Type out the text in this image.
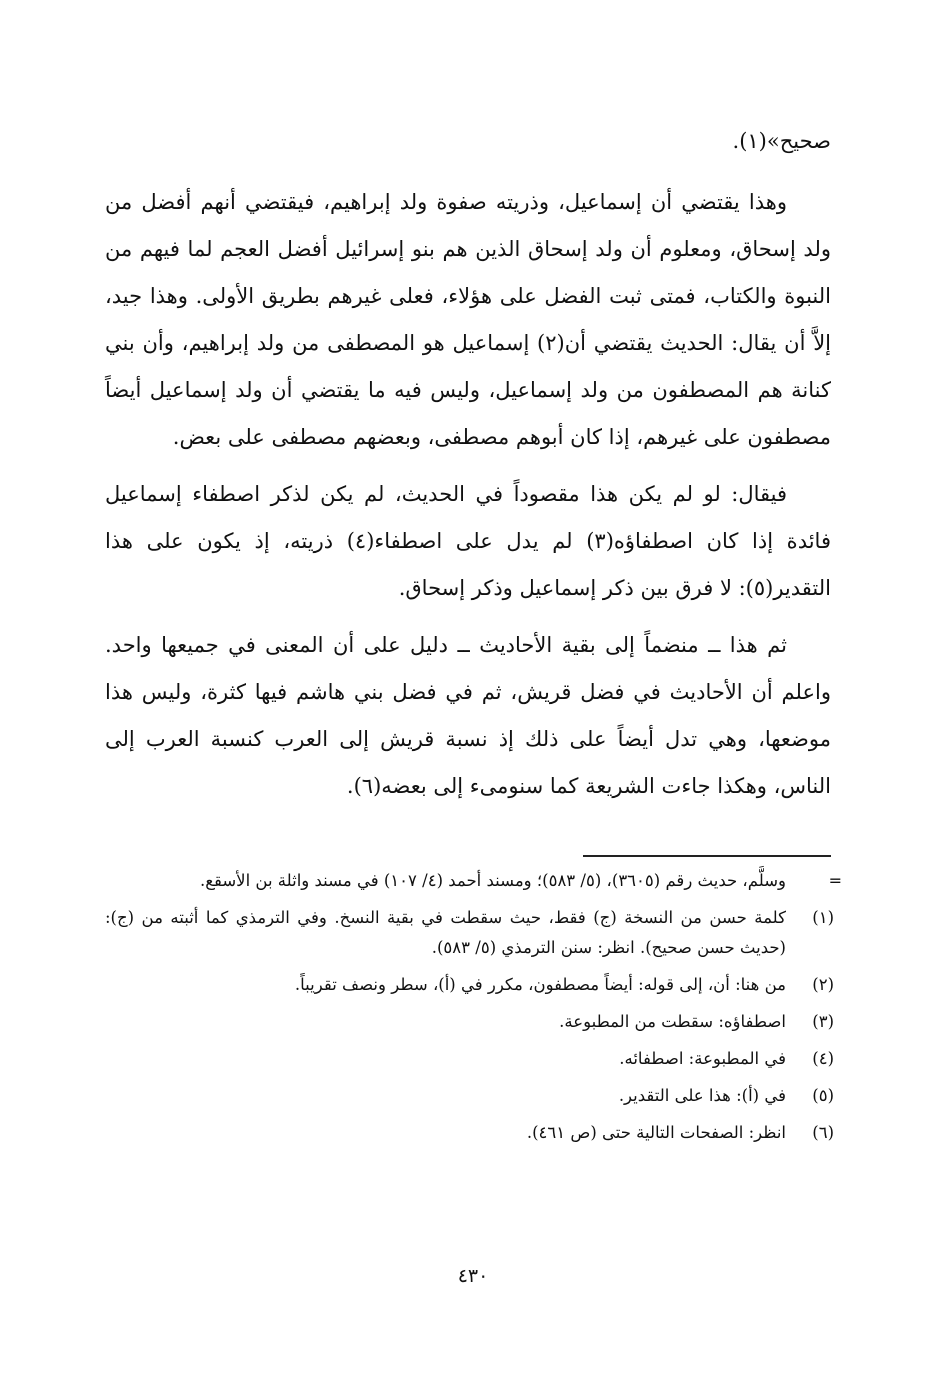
صحيح»(١).

وهذا يقتضي أن إسماعيل، وذريته صفوة ولد إبراهيم، فيقتضي أنهم أفضل من ولد إسحاق، ومعلوم أن ولد إسحاق الذين هم بنو إسرائيل أفضل العجم لما فيهم من النبوة والكتاب، فمتى ثبت الفضل على هؤلاء، فعلى غيرهم بطريق الأولى. وهذا جيد، إلاَّ أن يقال: الحديث يقتضي أن(٢) إسماعيل هو المصطفى من ولد إبراهيم، وأن بني كنانة هم المصطفون من ولد إسماعيل، وليس فيه ما يقتضي أن ولد إسماعيل أيضاً مصطفون على غيرهم، إذا كان أبوهم مصطفى، وبعضهم مصطفى على بعض.

فيقال: لو لم يكن هذا مقصوداً في الحديث، لم يكن لذكر اصطفاء إسماعيل فائدة إذا كان اصطفاؤه(٣) لم يدل على اصطفاء(٤) ذريته، إذ يكون على هذا التقدير(٥): لا فرق بين ذكر إسماعيل وذكر إسحاق.

ثم هذا ــ منضماً إلى بقية الأحاديث ــ دليل على أن المعنى في جميعها واحد. واعلم أن الأحاديث في فضل قريش، ثم في فضل بني هاشم فيها كثرة، وليس هذا موضعها، وهي تدل أيضاً على ذلك إذ نسبة قريش إلى العرب كنسبة العرب إلى الناس، وهكذا جاءت الشريعة كما سنومىء إلى بعضه(٦).

=
وسلَّم، حديث رقم (٣٦٠٥)، (٥/ ٥٨٣)؛ ومسند أحمد (٤/ ١٠٧) في مسند واثلة بن الأسقع.
(١)
كلمة حسن من النسخة (ج) فقط، حيث سقطت في بقية النسخ. وفي الترمذي كما أثبته من (ج): (حديث حسن صحيح). انظر: سنن الترمذي (٥/ ٥٨٣).
(٢)
من هنا: أن، إلى قوله: أيضاً مصطفون، مكرر في (أ)، سطر ونصف تقريباً.
(٣)
اصطفاؤه: سقطت من المطبوعة.
(٤)
في المطبوعة: اصطفائه.
(٥)
في (أ): هذا على التقدير.
(٦)
انظر: الصفحات التالية حتى (ص ٤٦١).
٤٣٠
